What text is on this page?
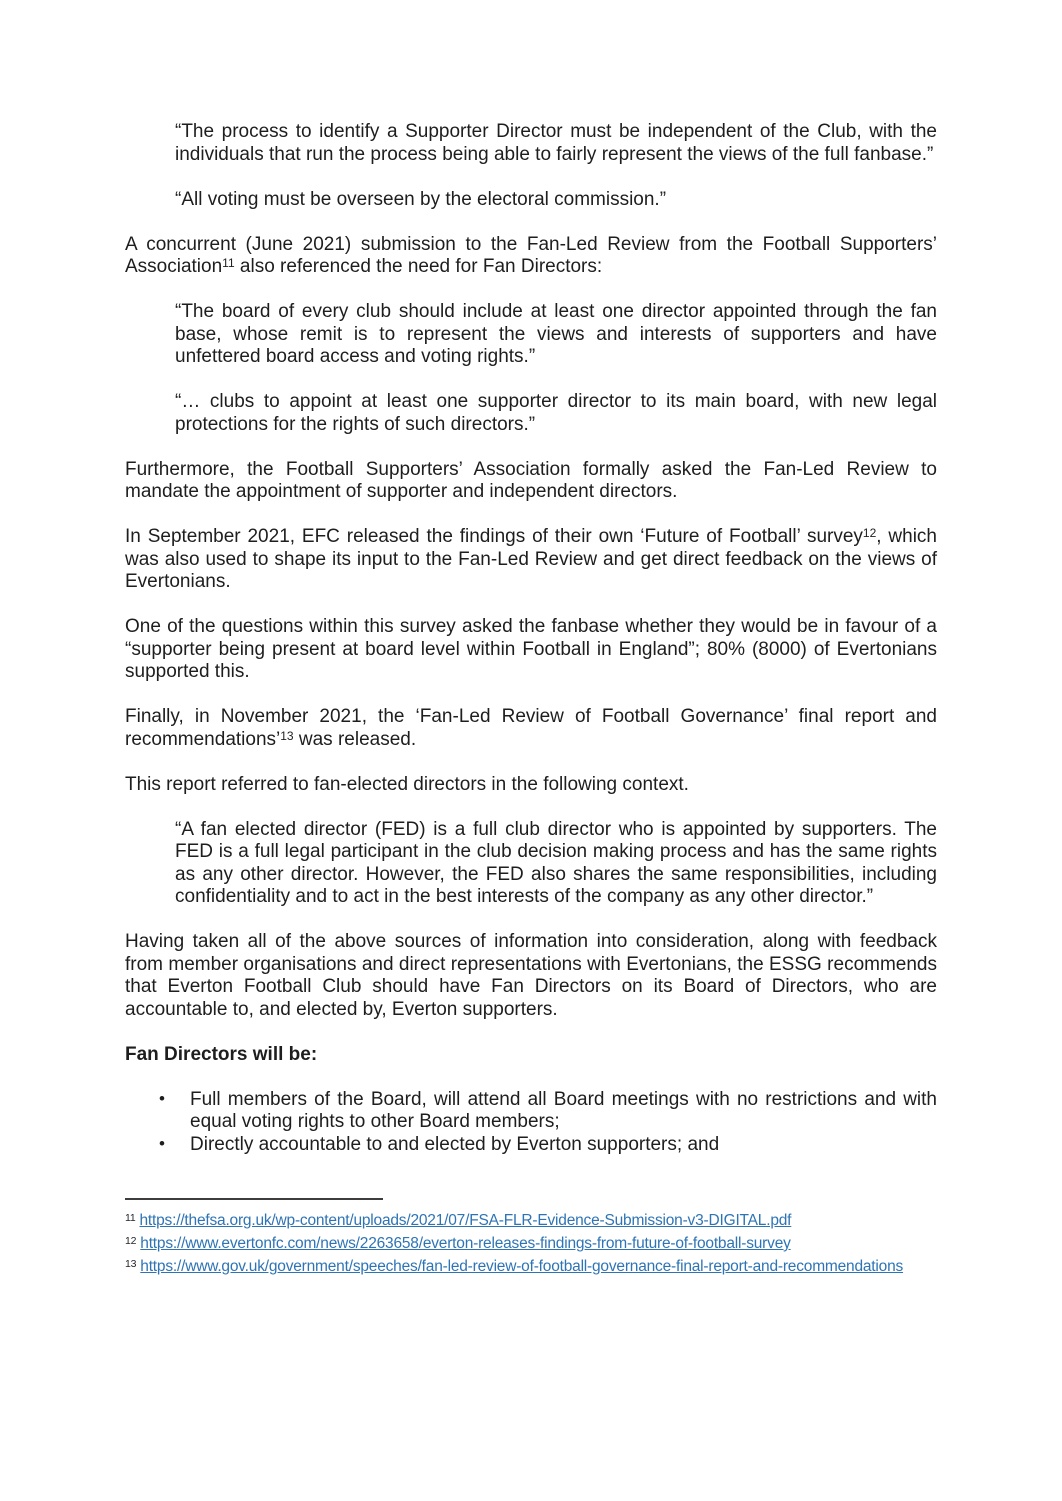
“The process to identify a Supporter Director must be independent of the Club, with the individuals that run the process being able to fairly represent the views of the full fanbase.”

“All voting must be overseen by the electoral commission.”

A concurrent (June 2021) submission to the Fan-Led Review from the Football Supporters’ Association$^{11}$ also referenced the need for Fan Directors:

“The board of every club should include at least one director appointed through the fan base, whose remit is to represent the views and interests of supporters and have unfettered board access and voting rights.”

“… clubs to appoint at least one supporter director to its main board, with new legal protections for the rights of such directors.”

Furthermore, the Football Supporters’ Association formally asked the Fan-Led Review to mandate the appointment of supporter and independent directors.

In September 2021, EFC released the findings of their own ‘Future of Football’ survey$^{12}$, which was also used to shape its input to the Fan-Led Review and get direct feedback on the views of Evertonians.

One of the questions within this survey asked the fanbase whether they would be in favour of a “supporter being present at board level within Football in England”; 80% (8000) of Evertonians supported this.

Finally, in November 2021, the ‘Fan-Led Review of Football Governance’ final report and recommendations’$^{13}$ was released.

This report referred to fan-elected directors in the following context.

“A fan elected director (FED) is a full club director who is appointed by supporters. The FED is a full legal participant in the club decision making process and has the same rights as any other director. However, the FED also shares the same responsibilities, including confidentiality and to act in the best interests of the company as any other director.”

Having taken all of the above sources of information into consideration, along with feedback from member organisations and direct representations with Evertonians, the ESSG recommends that Everton Football Club should have Fan Directors on its Board of Directors, who are accountable to, and elected by, Everton supporters.

Fan Directors will be:

• Full members of the Board, will attend all Board meetings with no restrictions and with equal voting rights to other Board members;
• Directly accountable to and elected by Everton supporters; and
$^{11}$ https://thefsa.org.uk/wp-content/uploads/2021/07/FSA-FLR-Evidence-Submission-v3-DIGITAL.pdf
$^{12}$ https://www.evertonfc.com/news/2263658/everton-releases-findings-from-future-of-football-survey
$^{13}$ https://www.gov.uk/government/speeches/fan-led-review-of-football-governance-final-report-and-recommendations
